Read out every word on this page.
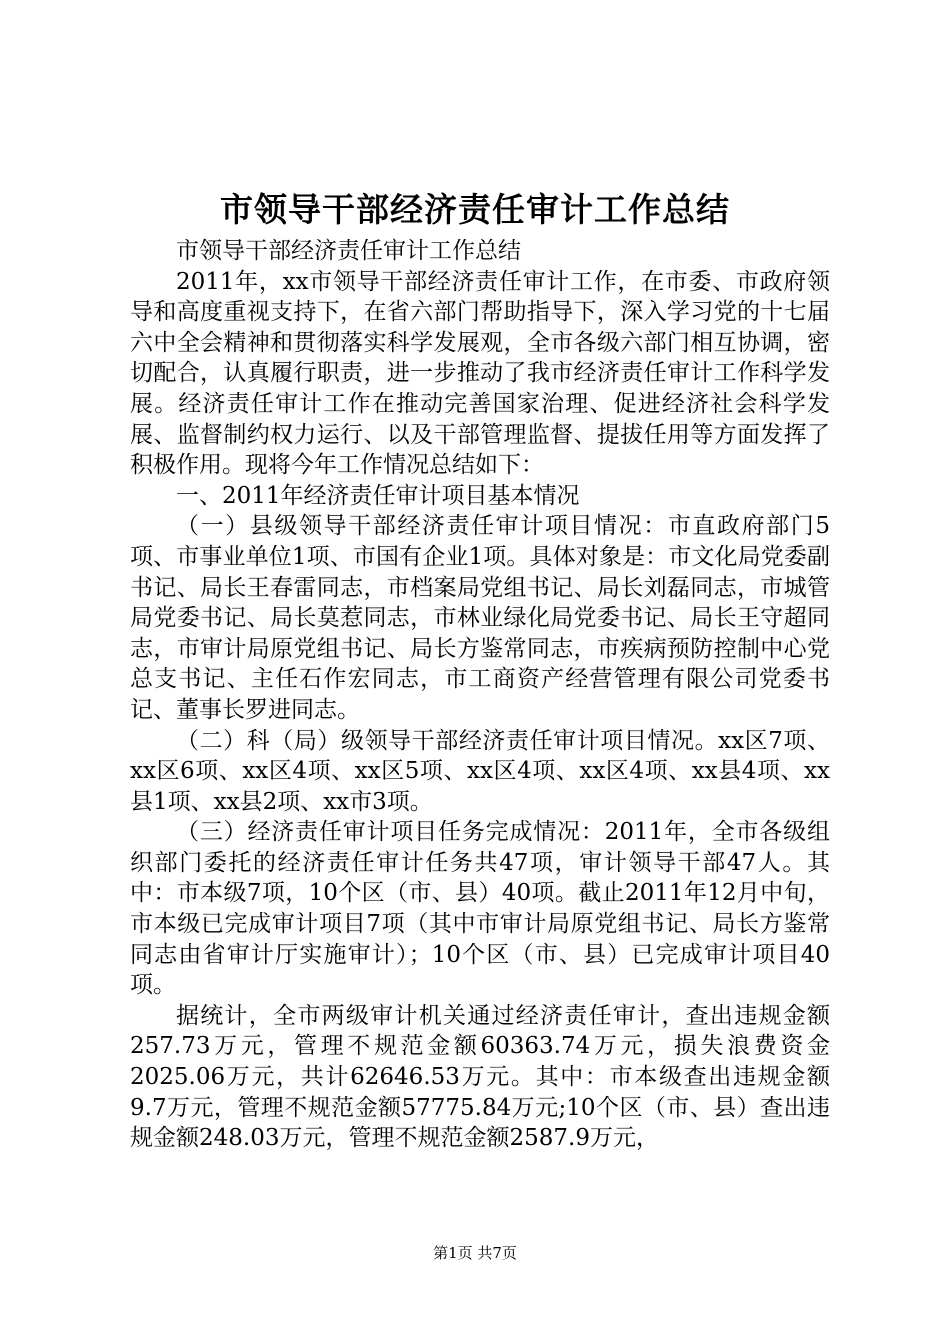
市领导干部经济责任审计工作总结

市领导干部经济责任审计工作总结

2011年，xx市领导干部经济责任审计工作，在市委、市政府领导和高度重视支持下，在省六部门帮助指导下，深入学习党的十七届六中全会精神和贯彻落实科学发展观，全市各级六部门相互协调，密切配合，认真履行职责，进一步推动了我市经济责任审计工作科学发展。经济责任审计工作在推动完善国家治理、促进经济社会科学发展、监督制约权力运行、以及干部管理监督、提拔任用等方面发挥了积极作用。现将今年工作情况总结如下：

一、2011年经济责任审计项目基本情况

（一）县级领导干部经济责任审计项目情况：市直政府部门5项、市事业单位1项、市国有企业1项。具体对象是：市文化局党委副书记、局长王春雷同志，市档案局党组书记、局长刘磊同志，市城管局党委书记、局长莫惹同志，市林业绿化局党委书记、局长王守超同志，市审计局原党组书记、局长方鉴常同志，市疾病预防控制中心党总支书记、主任石作宏同志，市工商资产经营管理有限公司党委书记、董事长罗进同志。

（二）科（局）级领导干部经济责任审计项目情况。xx区7项、xx区6项、xx区4项、xx区5项、xx区4项、xx区4项、xx县4项、xx县1项、xx县2项、xx市3项。

（三）经济责任审计项目任务完成情况：2011年，全市各级组织部门委托的经济责任审计任务共47项，审计领导干部47人。其中：市本级7项，10个区（市、县）40项。截止2011年12月中旬，市本级已完成审计项目7项（其中市审计局原党组书记、局长方鉴常同志由省审计厅实施审计）；10个区（市、县）已完成审计项目40项。

据统计，全市两级审计机关通过经济责任审计，查出违规金额257.73万元，管理不规范金额60363.74万元，损失浪费资金2025.06万元，共计62646.53万元。其中：市本级查出违规金额9.7万元，管理不规范金额57775.84万元;10个区（市、县）查出违规金额248.03万元，管理不规范金额2587.9万元，

第1页 共7页
